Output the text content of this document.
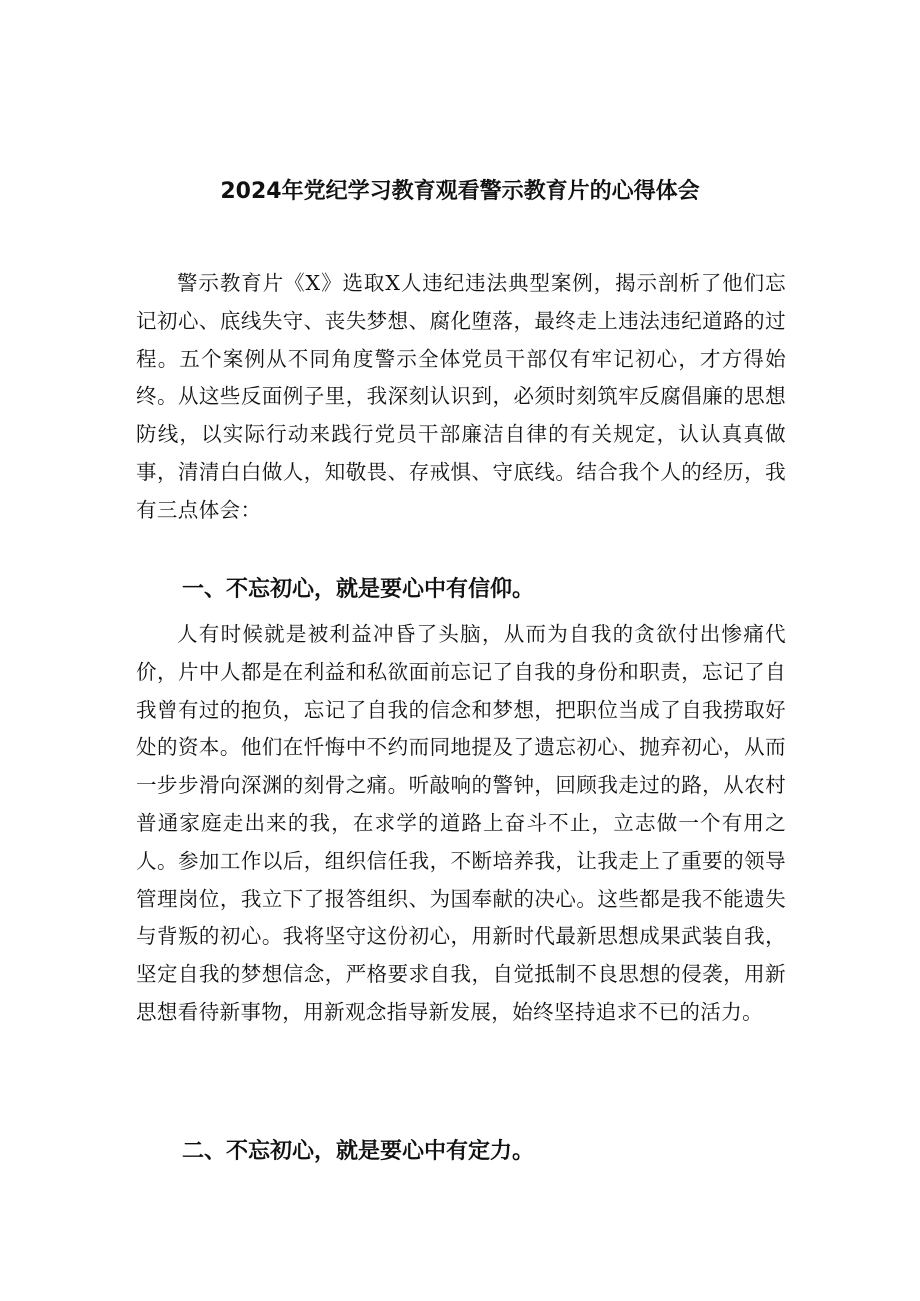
2024年党纪学习教育观看警示教育片的心得体会

警示教育片《X》选取X人违纪违法典型案例，揭示剖析了他们忘记初心、底线失守、丧失梦想、腐化堕落，最终走上违法违纪道路的过程。五个案例从不同角度警示全体党员干部仅有牢记初心，才方得始终。从这些反面例子里，我深刻认识到，必须时刻筑牢反腐倡廉的思想防线，以实际行动来践行党员干部廉洁自律的有关规定，认认真真做事，清清白白做人，知敬畏、存戒惧、守底线。结合我个人的经历，我有三点体会：

一、不忘初心，就是要心中有信仰。

人有时候就是被利益冲昏了头脑，从而为自我的贪欲付出惨痛代价，片中人都是在利益和私欲面前忘记了自我的身份和职责，忘记了自我曾有过的抱负，忘记了自我的信念和梦想，把职位当成了自我捞取好处的资本。他们在忏悔中不约而同地提及了遗忘初心、抛弃初心，从而一步步滑向深渊的刻骨之痛。听敲响的警钟，回顾我走过的路，从农村普通家庭走出来的我，在求学的道路上奋斗不止，立志做一个有用之人。参加工作以后，组织信任我，不断培养我，让我走上了重要的领导管理岗位，我立下了报答组织、为国奉献的决心。这些都是我不能遗失与背叛的初心。我将坚守这份初心，用新时代最新思想成果武装自我，坚定自我的梦想信念，严格要求自我，自觉抵制不良思想的侵袭，用新思想看待新事物，用新观念指导新发展，始终坚持追求不已的活力。

二、不忘初心，就是要心中有定力。
